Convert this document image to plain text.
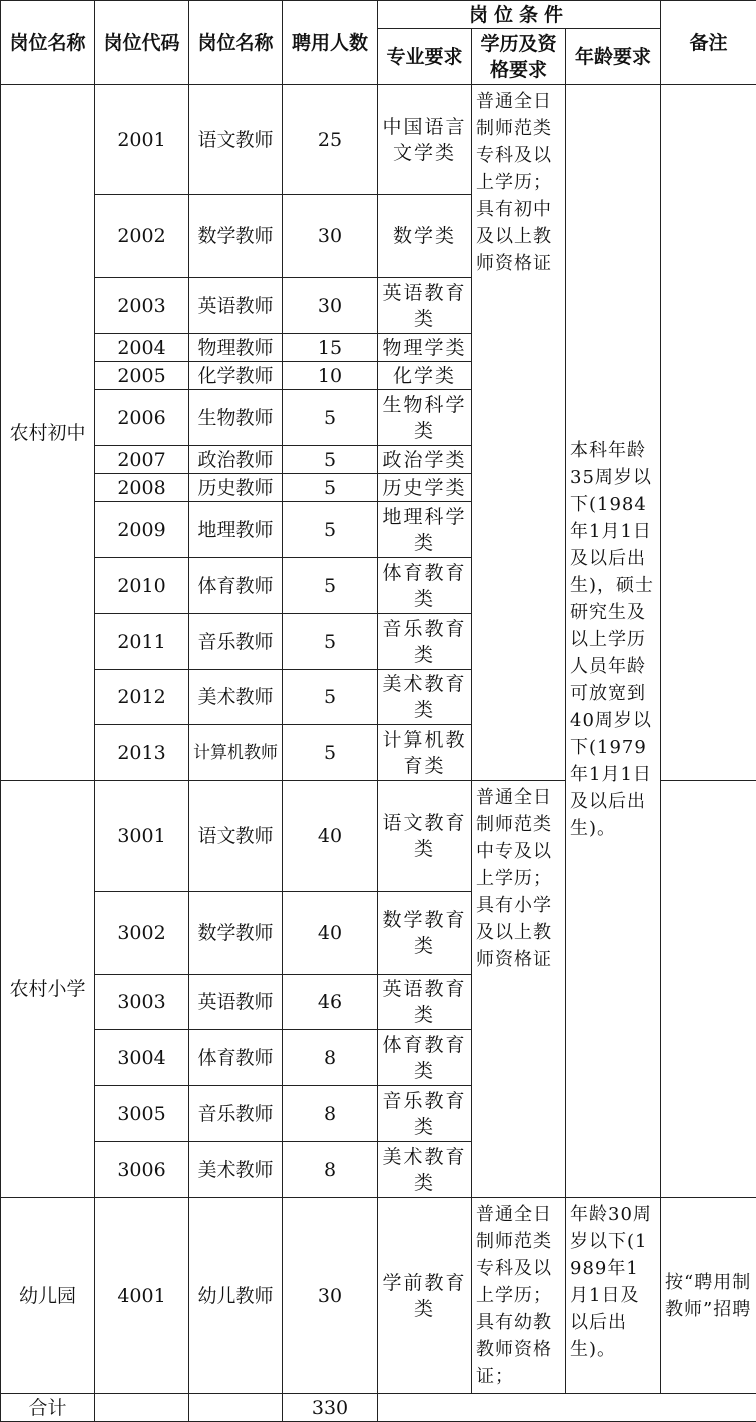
岗位名称	岗位代码	岗位名称	聘用人数	岗位条件			备注
				专业要求	学历及资格要求	年龄要求	
农村初中	2001	语文教师	25	中国语言文学类	普通全日制师范类专科及以上学历；具有初中及以上教师资格证	本科年龄35周岁以下(1984年1月1日及以后出生)，硕士研究生及以上学历人员年龄可放宽到40周岁以下(1979年1月1日及以后出生)。	
	2002	数学教师	30	数学类			
	2003	英语教师	30	英语教育类			
	2004	物理教师	15	物理学类			
	2005	化学教师	10	化学类			
	2006	生物教师	5	生物科学类			
	2007	政治教师	5	政治学类			
	2008	历史教师	5	历史学类			
	2009	地理教师	5	地理科学类			
	2010	体育教师	5	体育教育类			
	2011	音乐教师	5	音乐教育类			
	2012	美术教师	5	美术教育类			
	2013	计算机教师	5	计算机教育类			
农村小学	3001	语文教师	40	语文教育类	普通全日制师范类中专及以上学历；具有小学及以上教师资格证		
	3002	数学教师	40	数学教育类			
	3003	英语教师	46	英语教育类			
	3004	体育教师	8	体育教育类			
	3005	音乐教师	8	音乐教育类			
	3006	美术教师	8	美术教育类			
幼儿园	4001	幼儿教师	30	学前教育类	普通全日制师范类专科及以上学历；具有幼教教师资格证；	年龄30周岁以下(1989年1月1日及以后出生)。	按“聘用制教师”招聘
合计			330				
